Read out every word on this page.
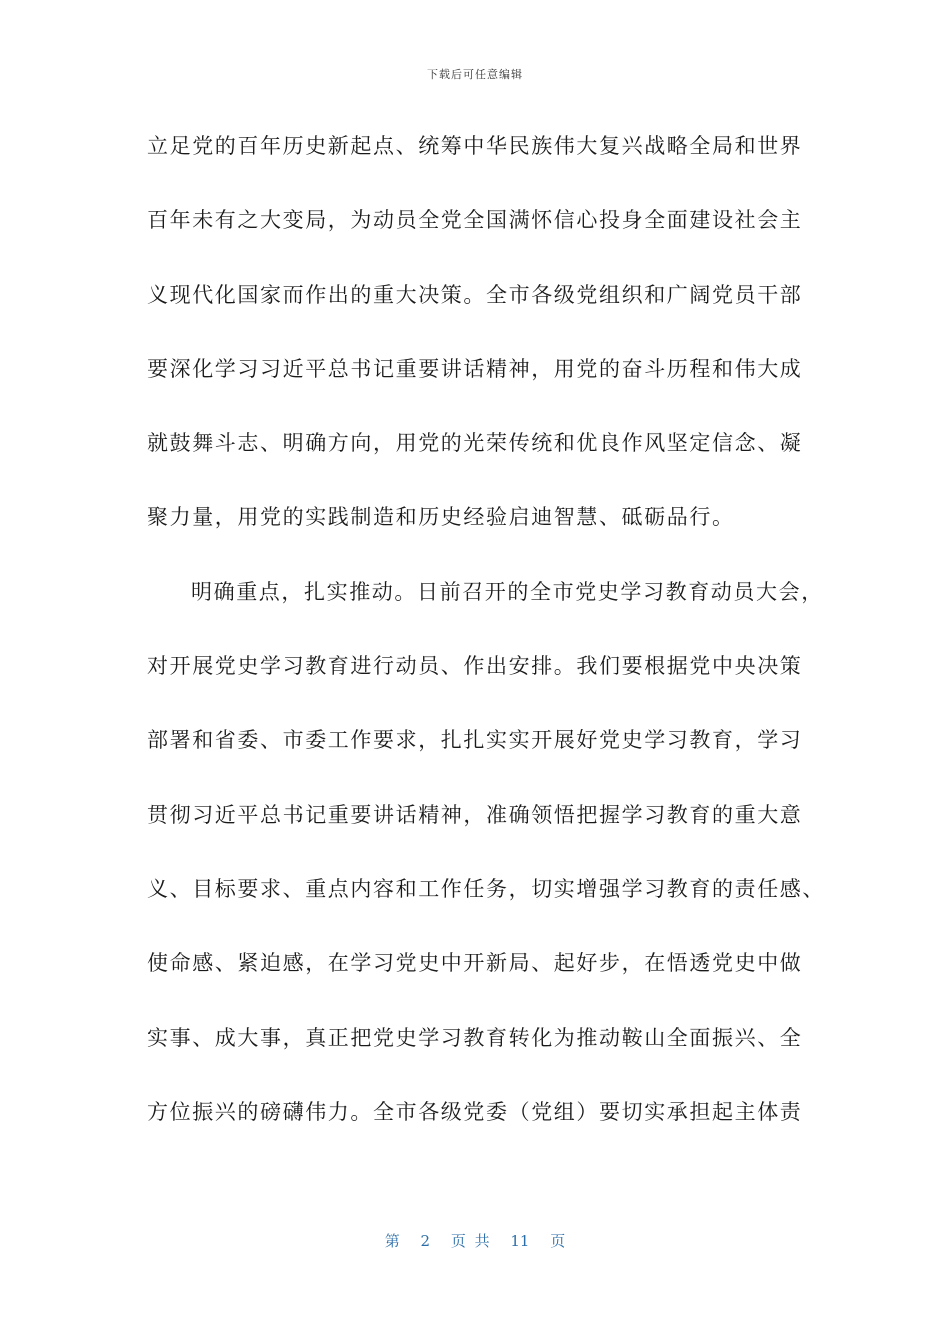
下载后可任意编辑
立足党的百年历史新起点、统筹中华民族伟大复兴战略全局和世界
百年未有之大变局，为动员全党全国满怀信心投身全面建设社会主
义现代化国家而作出的重大决策。全市各级党组织和广阔党员干部
要深化学习习近平总书记重要讲话精神，用党的奋斗历程和伟大成
就鼓舞斗志、明确方向，用党的光荣传统和优良作风坚定信念、凝
聚力量，用党的实践制造和历史经验启迪智慧、砥砺品行。
明确重点，扎实推动。日前召开的全市党史学习教育动员大会，
对开展党史学习教育进行动员、作出安排。我们要根据党中央决策
部署和省委、市委工作要求，扎扎实实开展好党史学习教育，学习
贯彻习近平总书记重要讲话精神，准确领悟把握学习教育的重大意
义、目标要求、重点内容和工作任务，切实增强学习教育的责任感、
使命感、紧迫感，在学习党史中开新局、起好步，在悟透党史中做
实事、成大事，真正把党史学习教育转化为推动鞍山全面振兴、全
方位振兴的磅礴伟力。全市各级党委（党组）要切实承担起主体责
第 2 页 共 11 页
